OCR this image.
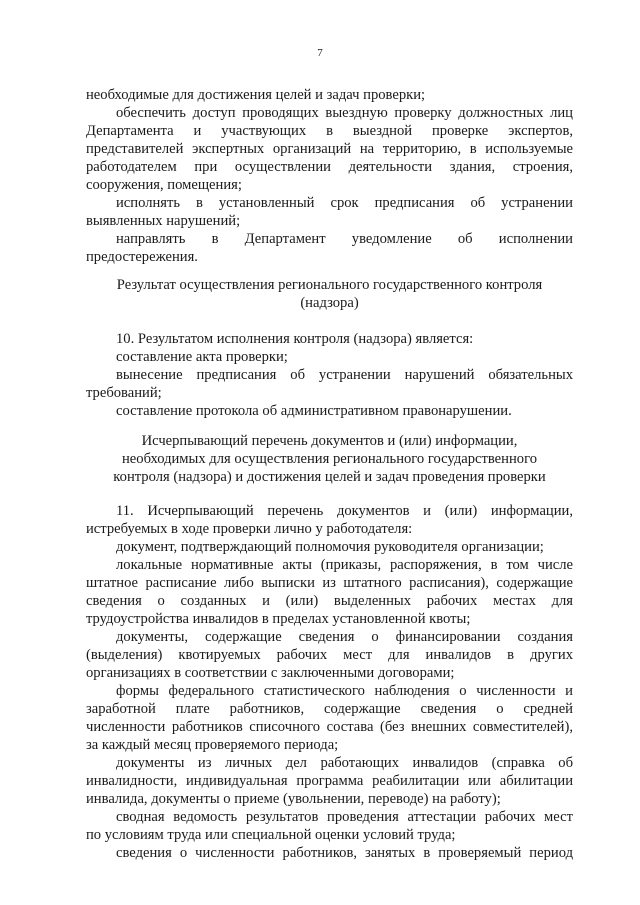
7
необходимые для достижения целей и задач проверки;
обеспечить доступ проводящих выездную проверку должностных лиц
Департамента и участвующих в выездной проверке экспертов,
представителей экспертных организаций на территорию, в используемые
работодателем при осуществлении деятельности здания, строения,
сооружения, помещения;
исполнять в установленный срок предписания об устранении
выявленных нарушений;
направлять в Департамент уведомление об исполнении
предостережения.
Результат осуществления регионального государственного контроля
(надзора)
10. Результатом исполнения контроля (надзора) является:
составление акта проверки;
вынесение предписания об устранении нарушений обязательных
требований;
составление протокола об административном правонарушении.
Исчерпывающий перечень документов и (или) информации,
необходимых для осуществления регионального государственного
контроля (надзора) и достижения целей и задач проведения проверки
11. Исчерпывающий перечень документов и (или) информации,
истребуемых в ходе проверки лично у работодателя:
документ, подтверждающий полномочия руководителя организации;
локальные нормативные акты (приказы, распоряжения, в том числе
штатное расписание либо выписки из штатного расписания), содержащие
сведения о созданных и (или) выделенных рабочих местах для
трудоустройства инвалидов в пределах установленной квоты;
документы, содержащие сведения о финансировании создания
(выделения) квотируемых рабочих мест для инвалидов в других
организациях в соответствии с заключенными договорами;
формы федерального статистического наблюдения о численности и
заработной плате работников, содержащие сведения о средней
численности работников списочного состава (без внешних совместителей),
за каждый месяц проверяемого периода;
документы из личных дел работающих инвалидов (справка об
инвалидности, индивидуальная программа реабилитации или абилитации
инвалида, документы о приеме (увольнении, переводе) на работу);
сводная ведомость результатов проведения аттестации рабочих мест
по условиям труда или специальной оценки условий труда;
сведения о численности работников, занятых в проверяемый период
